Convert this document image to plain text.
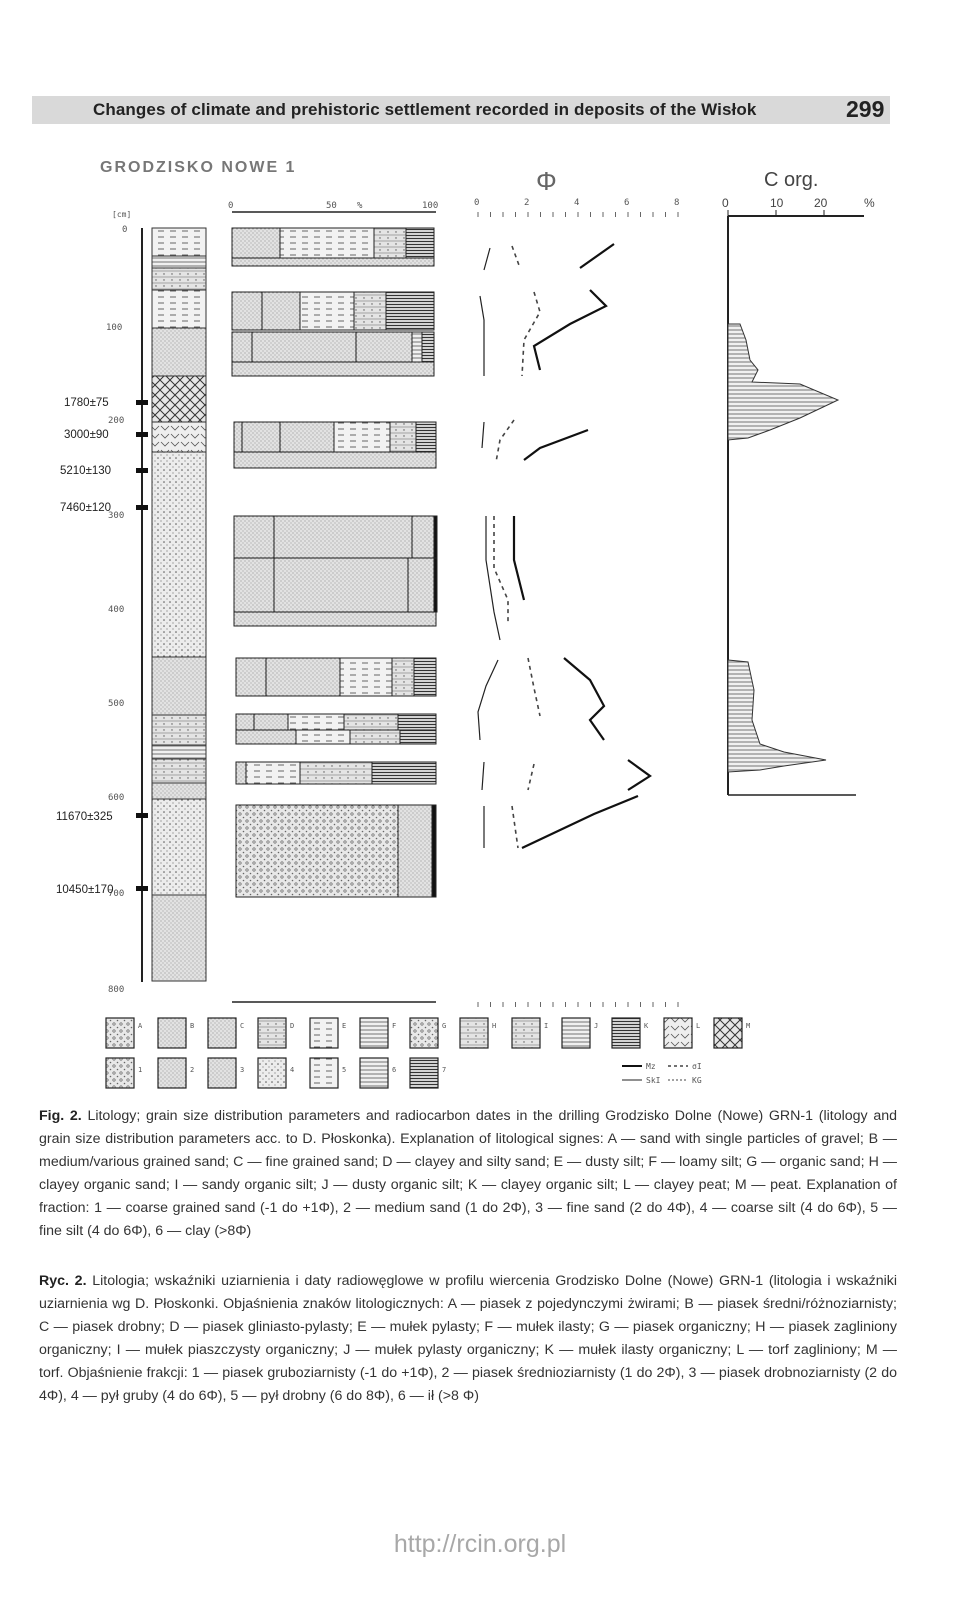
Changes of climate and prehistoric settlement recorded in deposits of the Wisłok	299
GRODZISKO NOWE 1
[cm]
0
100
200
300
400
500
600
700
800
1780±75
3000±90
5210±130
7460±120
11670±325
10450±170
0	50 %	100
Φ
0	2	4	6	8
C org.
0	10	20	%
A	B	C	D	E	F	G	H	I	J	K	L	M
1	2	3	4	5	6	7	Mz	σI
SkI	KG

Fig. 2. Litology; grain size distribution parameters and radiocarbon dates in the drilling Grodzisko Dolne (Nowe) GRN-1 (litology and grain size distribution parameters acc. to D. Płoskonka). Explanation of litological signes: A — sand with single particles of gravel; B — medium/various grained sand; C — fine grained sand; D — clayey and silty sand; E — dusty silt; F — loamy silt; G — organic sand; H — clayey organic sand; I — sandy organic silt; J — dusty organic silt; K — clayey organic silt; L — clayey peat; M — peat. Explanation of fraction: 1 — coarse grained sand (-1 do +1Φ), 2 — medium sand (1 do 2Φ), 3 — fine sand (2 do 4Φ), 4 — coarse silt (4 do 6Φ), 5 — fine silt (4 do 6Φ), 6 — clay (>8Φ)

Ryc. 2. Litologia; wskaźniki uziarnienia i daty radiowęglowe w profilu wiercenia Grodzisko Dolne (Nowe) GRN-1 (litologia i wskaźniki uziarnienia wg D. Płoskonki. Objaśnienia znaków litologicznych: A — piasek z pojedynczymi żwirami; B — piasek średni/różnoziarnisty; C — piasek drobny; D — piasek gliniasto-pylasty; E — mułek pylasty; F — mułek ilasty; G — piasek organiczny; H — piasek zagliniony organiczny; I — mułek piaszczysty organiczny; J — mułek pylasty organiczny; K — mułek ilasty organiczny; L — torf zagliniony; M — torf. Objaśnienie frakcji: 1 — piasek gruboziarnisty (-1 do +1Φ), 2 — piasek średnioziarnisty (1 do 2Φ), 3 — piasek drobnoziarnisty (2 do 4Φ), 4 — pył gruby (4 do 6Φ), 5 — pył drobny (6 do 8Φ), 6 — ił (>8 Φ)

http://rcin.org.pl
